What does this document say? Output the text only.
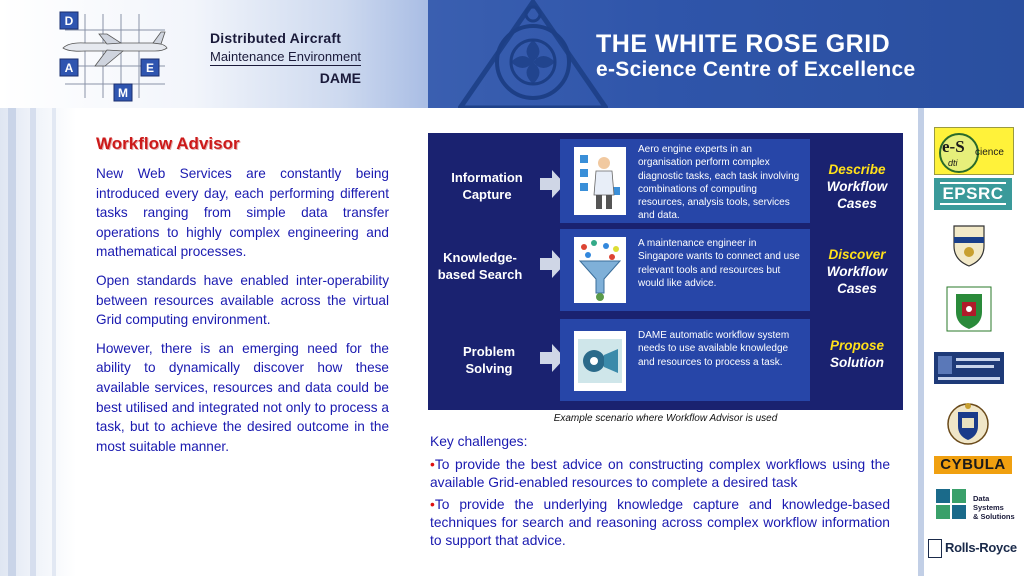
D
A	E
M
Distributed Aircraft
Maintenance Environment
DAME
THE WHITE ROSE GRID
e-Science Centre of Excellence
Workflow Advisor

New Web Services are constantly being introduced every day, each performing different tasks ranging from simple data transfer operations to highly complex engineering and mathematical processes.

Open standards have enabled inter-operability between resources available across the virtual Grid computing environment.

However, there is an emerging need for the ability to dynamically discover how these available services, resources and data could be best utilised and integrated not only to process a task, but to achieve the desired outcome in the most suitable manner.

Information
Capture
Aero engine experts in an organisation perform complex diagnostic tasks, each task involving combinations of computing resources, analysis tools, services and data.
Describe
Workflow
Cases
Knowledge-
based Search
A maintenance engineer in Singapore wants to connect and use relevant tools and resources but would like advice.
Discover
Workflow
Cases
Problem
Solving
DAME automatic workflow system needs to use available knowledge and resources to process a task.
Propose
Solution
Example scenario where Workflow Advisor is used
Key challenges:
•To provide the best advice on constructing complex workflows using the available Grid-enabled resources to complete a desired task
•To provide the underlying knowledge capture and knowledge-based techniques for search and reasoning across complex workflow information to support that advice.
e-S cience
dti
EPSRC
CYBULA
Data Systems
& Solutions
Rolls-Royce
